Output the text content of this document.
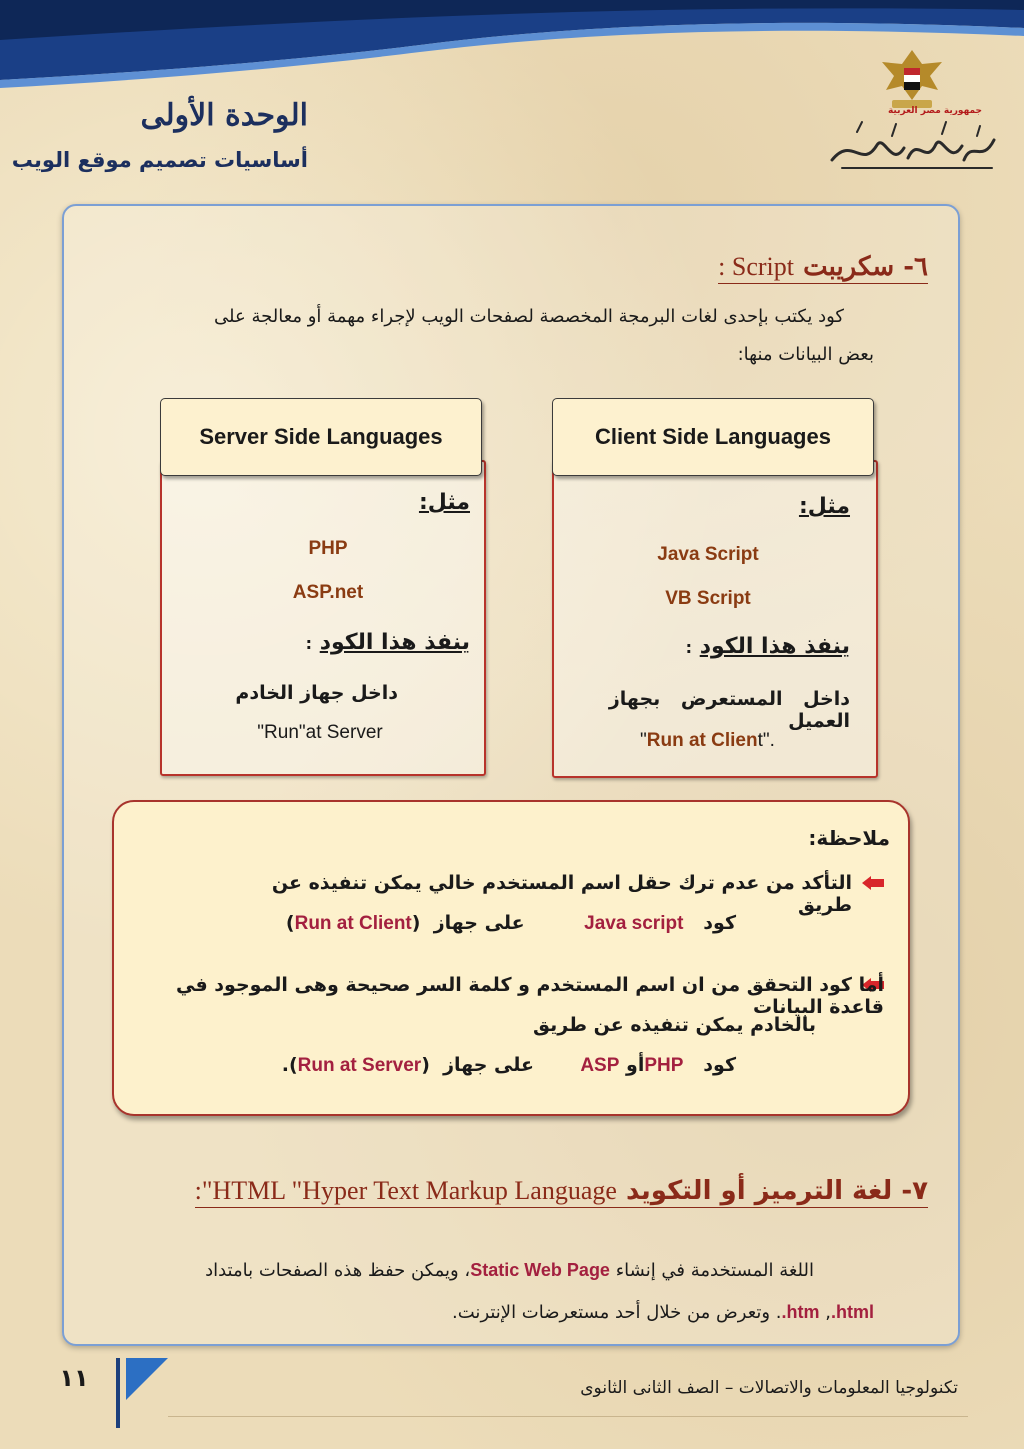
الوحدة الأولى
أساسيات تصميم موقع الويب
جمهورية مصر العربية
٦- سكريبت Script :
كود يكتب بإحدى لغات البرمجة المخصصة لصفحات الويب لإجراء مهمة أو معالجة على
بعض البيانات منها:
Client Side Languages
مثل:
Java Script
VB Script
ينفذ هذا الكود :
داخل المستعرض بجهاز العميل
"Run at Client".
Server Side Languages
مثل:
PHP
ASP.net
ينفذ هذا الكود :
داخل جهاز الخادم
"Run"at Server
ملاحظة:
التأكد من عدم ترك حقل اسم المستخدم خالي يمكن تنفيذه عن طريق
كود   Java script         على جهاز  (Run at Client)
أما كود التحقق من ان اسم المستخدم و كلمة السر صحيحة وهى الموجود في قاعدة البيانات
بالخادم يمكن تنفيذه عن طريق
كود   PHPأو ASP       على جهاز  (Run at Server).
٧- لغة الترميز أو التكويد HTML "Hyper Text Markup Language":
اللغة المستخدمة في إنشاء Static Web Page، ويمكن حفظ هذه الصفحات بامتداد
.html, .htm. وتعرض من خلال أحد مستعرضات الإنترنت.
١١	تكنولوجيا المعلومات والاتصالات – الصف الثانى الثانوى
